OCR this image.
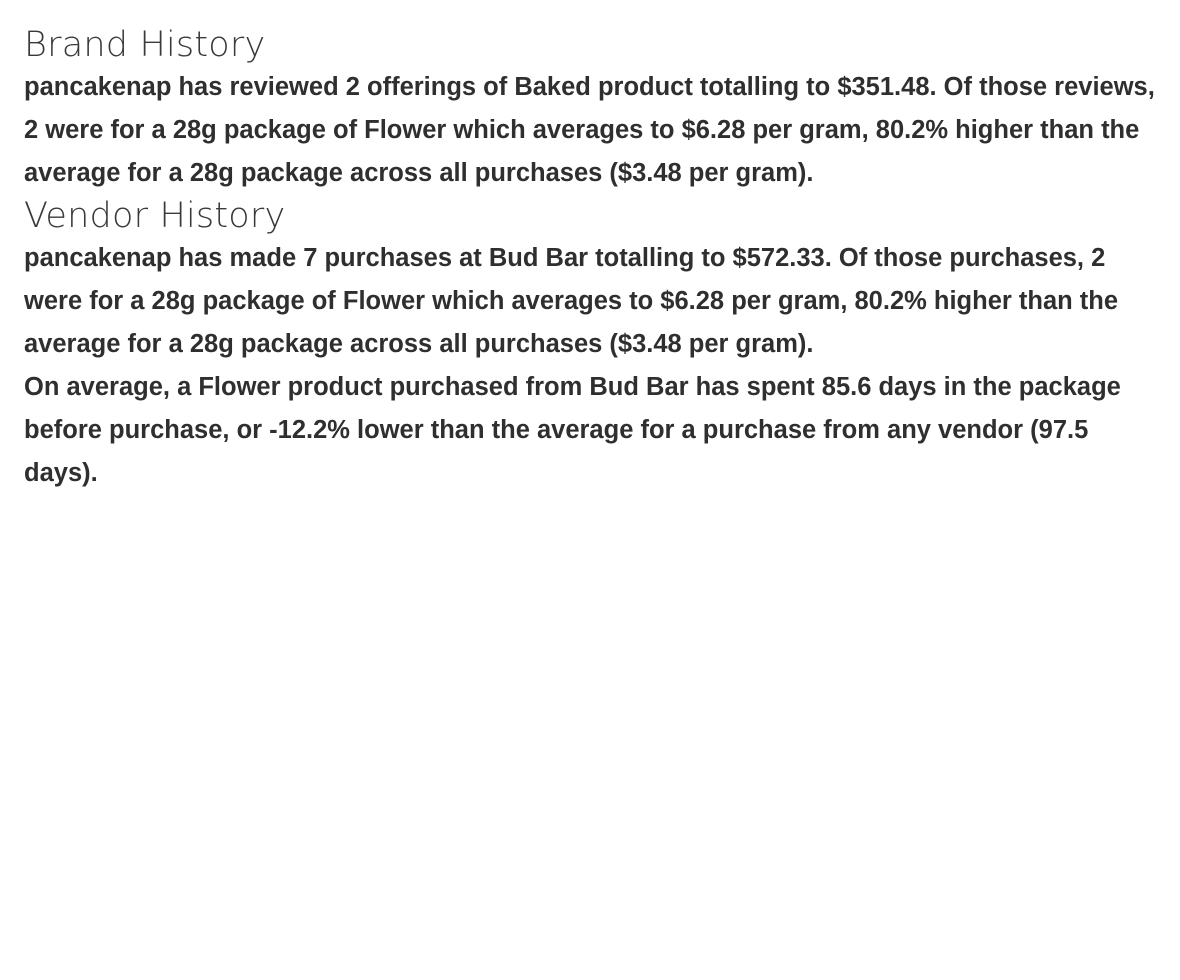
Brand History

pancakenap has reviewed 2 offerings of Baked product totalling to $351.48. Of those reviews, 2 were for a 28g package of Flower which averages to $6.28 per gram, 80.2% higher than the average for a 28g package across all purchases ($3.48 per gram).

Vendor History

pancakenap has made 7 purchases at Bud Bar totalling to $572.33. Of those purchases, 2 were for a 28g package of Flower which averages to $6.28 per gram, 80.2% higher than the average for a 28g package across all purchases ($3.48 per gram).

On average, a Flower product purchased from Bud Bar has spent 85.6 days in the package before purchase, or -12.2% lower than the average for a purchase from any vendor (97.5 days).
